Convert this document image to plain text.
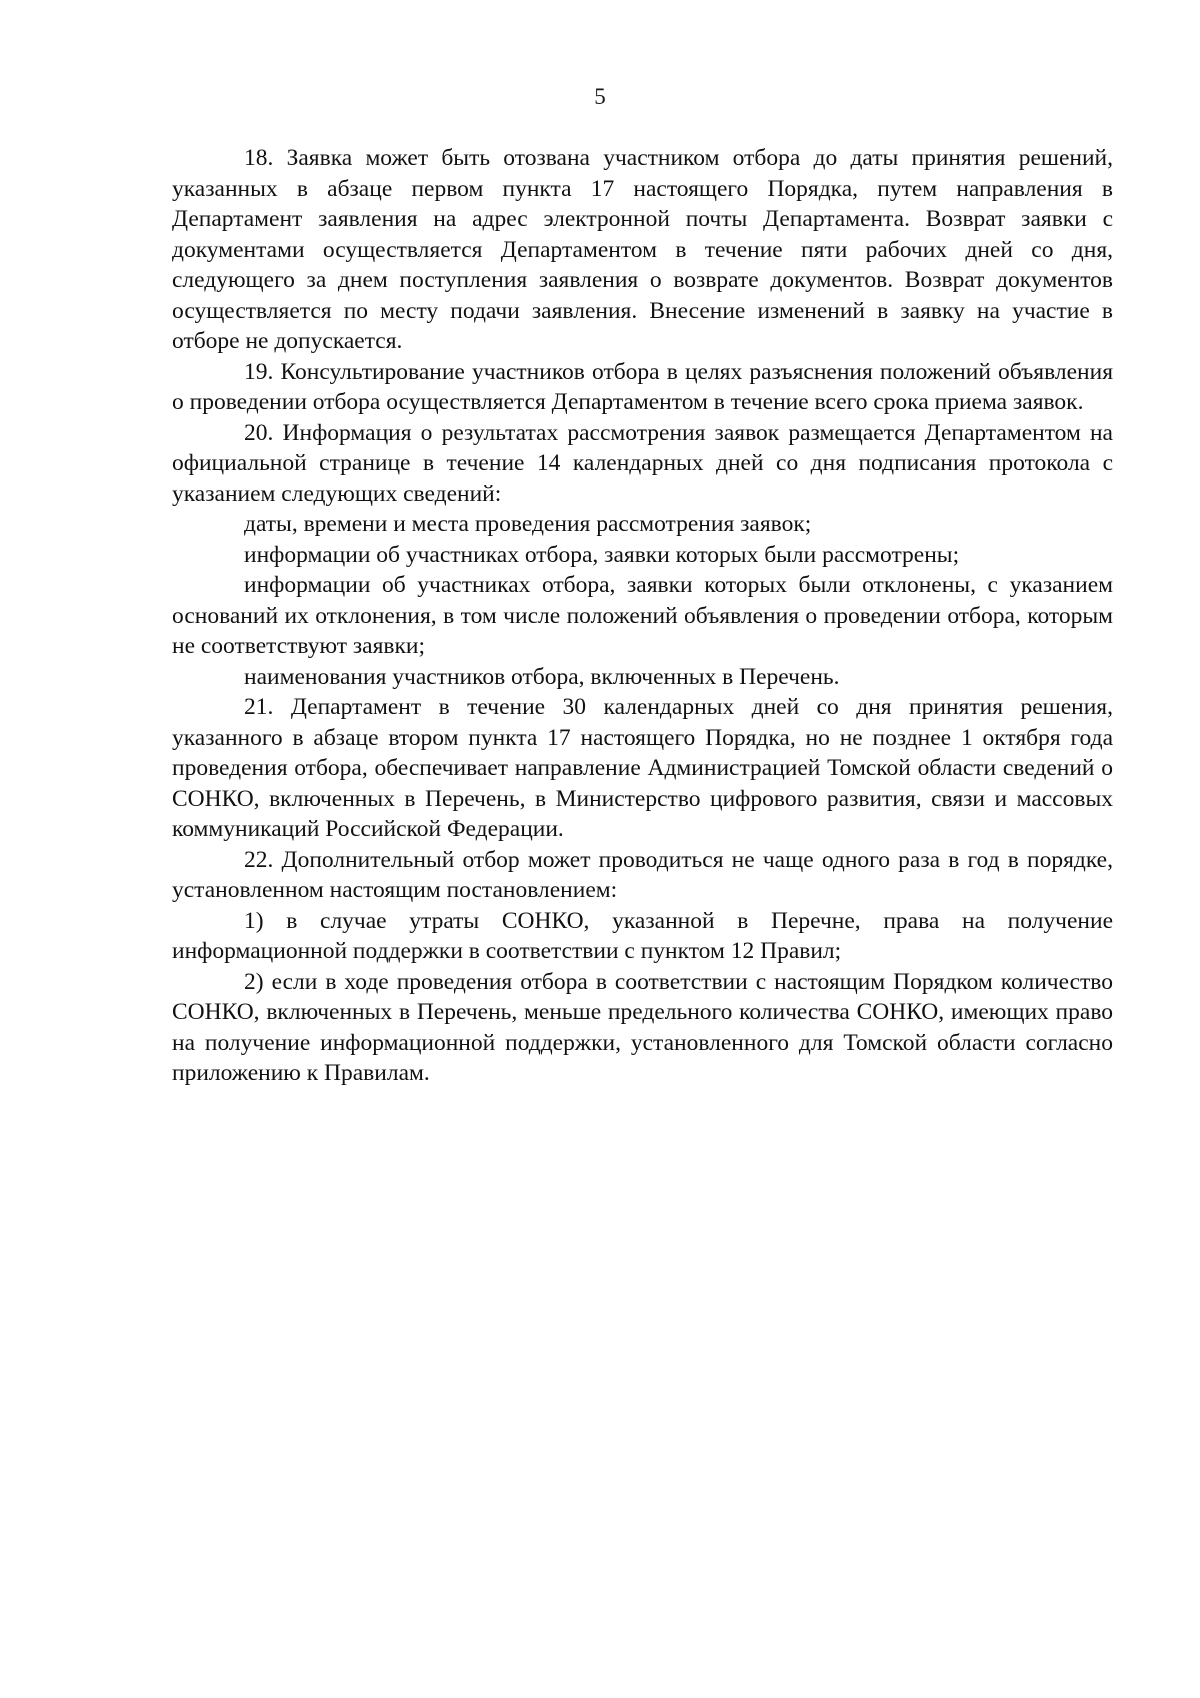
5

18. Заявка может быть отозвана участником отбора до даты принятия решений, указанных в абзаце первом пункта 17 настоящего Порядка, путем направления в Департамент заявления на адрес электронной почты Департамента. Возврат заявки с документами осуществляется Департаментом в течение пяти рабочих дней со дня, следующего за днем поступления заявления о возврате документов. Возврат документов осуществляется по месту подачи заявления. Внесение изменений в заявку на участие в отборе не допускается.

19. Консультирование участников отбора в целях разъяснения положений объявления о проведении отбора осуществляется Департаментом в течение всего срока приема заявок.

20. Информация о результатах рассмотрения заявок размещается Департаментом на официальной странице в течение 14 календарных дней со дня подписания протокола с указанием следующих сведений:

даты, времени и места проведения рассмотрения заявок;

информации об участниках отбора, заявки которых были рассмотрены;

информации об участниках отбора, заявки которых были отклонены, с указанием оснований их отклонения, в том числе положений объявления о проведении отбора, которым не соответствуют заявки;

наименования участников отбора, включенных в Перечень.

21. Департамент в течение 30 календарных дней со дня принятия решения, указанного в абзаце втором пункта 17 настоящего Порядка, но не позднее 1 октября года проведения отбора, обеспечивает направление Администрацией Томской области сведений о СОНКО, включенных в Перечень, в Министерство цифрового развития, связи и массовых коммуникаций Российской Федерации.

22. Дополнительный отбор может проводиться не чаще одного раза в год в порядке, установленном настоящим постановлением:

1) в случае утраты СОНКО, указанной в Перечне, права на получение информационной поддержки в соответствии с пунктом 12 Правил;

2) если в ходе проведения отбора в соответствии с настоящим Порядком количество СОНКО, включенных в Перечень, меньше предельного количества СОНКО, имеющих право на получение информационной поддержки, установленного для Томской области согласно приложению к Правилам.
